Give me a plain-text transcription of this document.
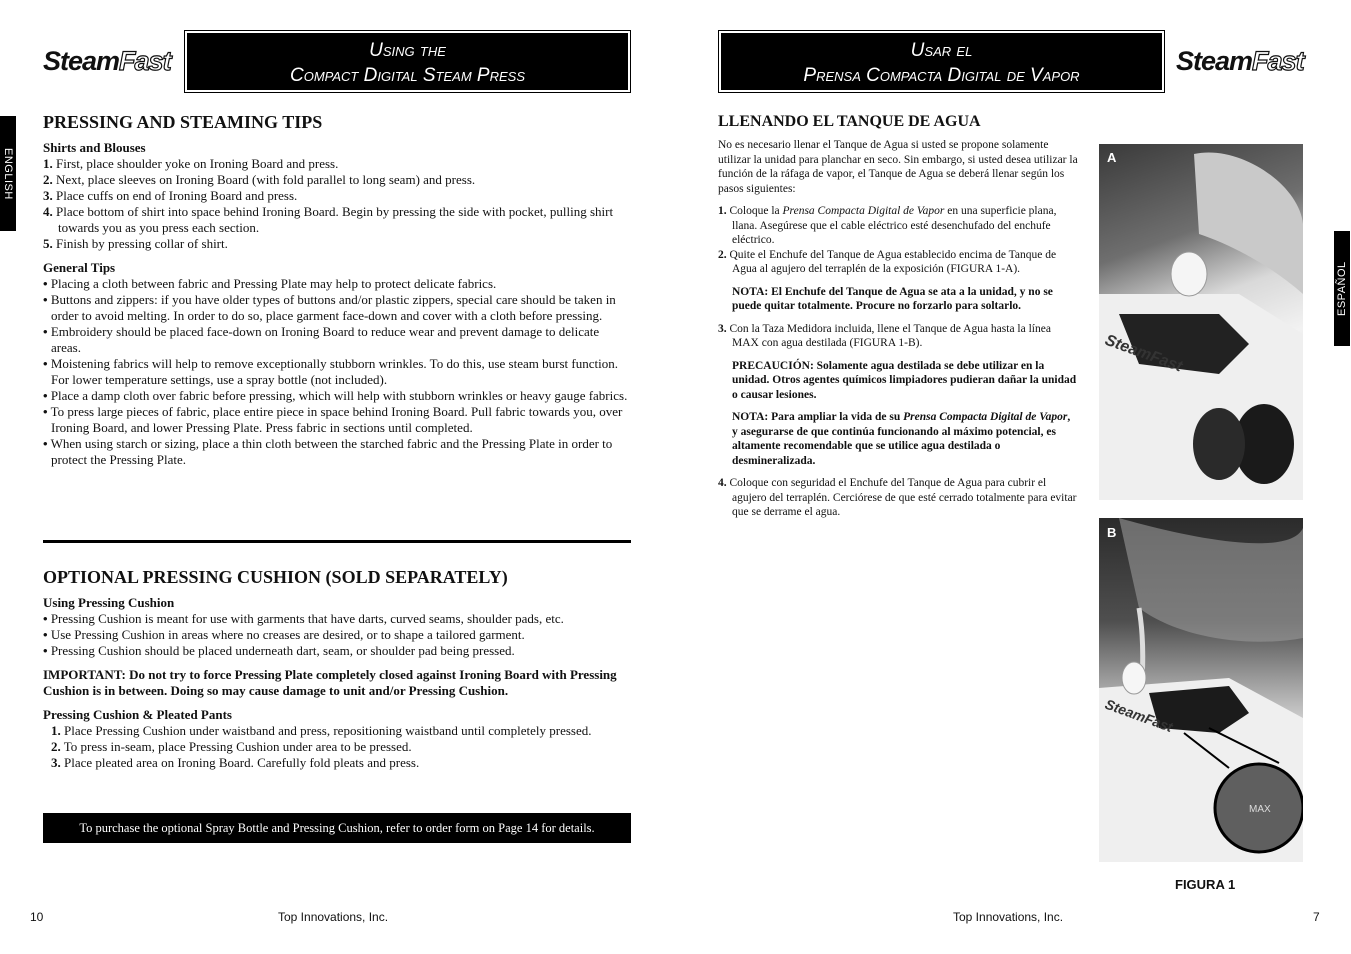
SteamFast	Using the
Compact Digital Steam Press
ENGLISH
PRESSING AND STEAMING TIPS
Shirts and Blouses

1. First, place shoulder yoke on Ironing Board and press.

2. Next, place sleeves on Ironing Board (with fold parallel to long seam) and press.

3. Place cuffs on end of Ironing Board and press.

4. Place bottom of shirt into space behind Ironing Board. Begin by pressing the side with pocket, pulling shirt towards you as you press each section.

5. Finish by pressing collar of shirt.

General Tips

• Placing a cloth between fabric and Pressing Plate may help to protect delicate fabrics.

• Buttons and zippers: if you have older types of buttons and/or plastic zippers, special care should be taken in order to avoid melting. In order to do so, place garment face-down and cover with a cloth before pressing.

• Embroidery should be placed face-down on Ironing Board to reduce wear and prevent damage to delicate areas.

• Moistening fabrics will help to remove exceptionally stubborn wrinkles. To do this, use steam burst function. For lower temperature settings, use a spray bottle (not included).

• Place a damp cloth over fabric before pressing, which will help with stubborn wrinkles or heavy gauge fabrics.

• To press large pieces of fabric, place entire piece in space behind Ironing Board. Pull fabric towards you, over Ironing Board, and lower Pressing Plate. Press fabric in sections until completed.

• When using starch or sizing, place a thin cloth between the starched fabric and the Pressing Plate in order to protect the Pressing Plate.

OPTIONAL PRESSING CUSHION (SOLD SEPARATELY)
Using Pressing Cushion

• Pressing Cushion is meant for use with garments that have darts, curved seams, shoulder pads, etc.

• Use Pressing Cushion in areas where no creases are desired, or to shape a tailored garment.

• Pressing Cushion should be placed underneath dart, seam, or shoulder pad being pressed.

IMPORTANT: Do not try to force Pressing Plate completely closed against Ironing Board with Pressing Cushion is in between. Doing so may cause damage to unit and/or Pressing Cushion.

Pressing Cushion & Pleated Pants

1. Place Pressing Cushion under waistband and press, repositioning waistband until completely pressed.

2. To press in-seam, place Pressing Cushion under area to be pressed.

3. Place pleated area on Ironing Board. Carefully fold pleats and press.

To purchase the optional Spray Bottle and Pressing Cushion, refer to order form on Page 14 for details.
10	Top Innovations, Inc.
Usar el
Prensa Compacta Digital de Vapor	SteamFast
ESPAÑOL
LLENANDO EL TANQUE DE AGUA

No es necesario llenar el Tanque de Agua si usted se propone solamente utilizar la unidad para planchar en seco. Sin embargo, si usted desea utilizar la función de la ráfaga de vapor, el Tanque de Agua se deberá llenar según los pasos siguientes:

1. Coloque la Prensa Compacta Digital de Vapor en una superficie plana, llana. Asegúrese que el cable eléctrico esté desenchufado del enchufe eléctrico.

2. Quite el Enchufe del Tanque de Agua establecido encima de Tanque de Agua al agujero del terraplén de la exposición (FIGURA 1-A).

NOTA: El Enchufe del Tanque de Agua se ata a la unidad, y no se puede quitar totalmente. Procure no forzarlo para soltarlo.

3. Con la Taza Medidora incluida, llene el Tanque de Agua hasta la línea MAX con agua destilada (FIGURA 1-B).

PRECAUCIÓN: Solamente agua destilada se debe utilizar en la unidad. Otros agentes químicos limpiadores pudieran dañar la unidad o causar lesiones.

NOTA: Para ampliar la vida de su Prensa Compacta Digital de Vapor, y asegurarse de que continúa funcionando al máximo potencial, es altamente recomendable que se utilice agua destilada o desmineralizada.

4. Coloque con seguridad el Enchufe del Tanque de Agua para cubrir el agujero del terraplén. Cerciórese de que esté cerrado totalmente para evitar que se derrame el agua.

SteamFast
A
MAX
SteamFast
B
FIGURA 1
Top Innovations, Inc.	7
